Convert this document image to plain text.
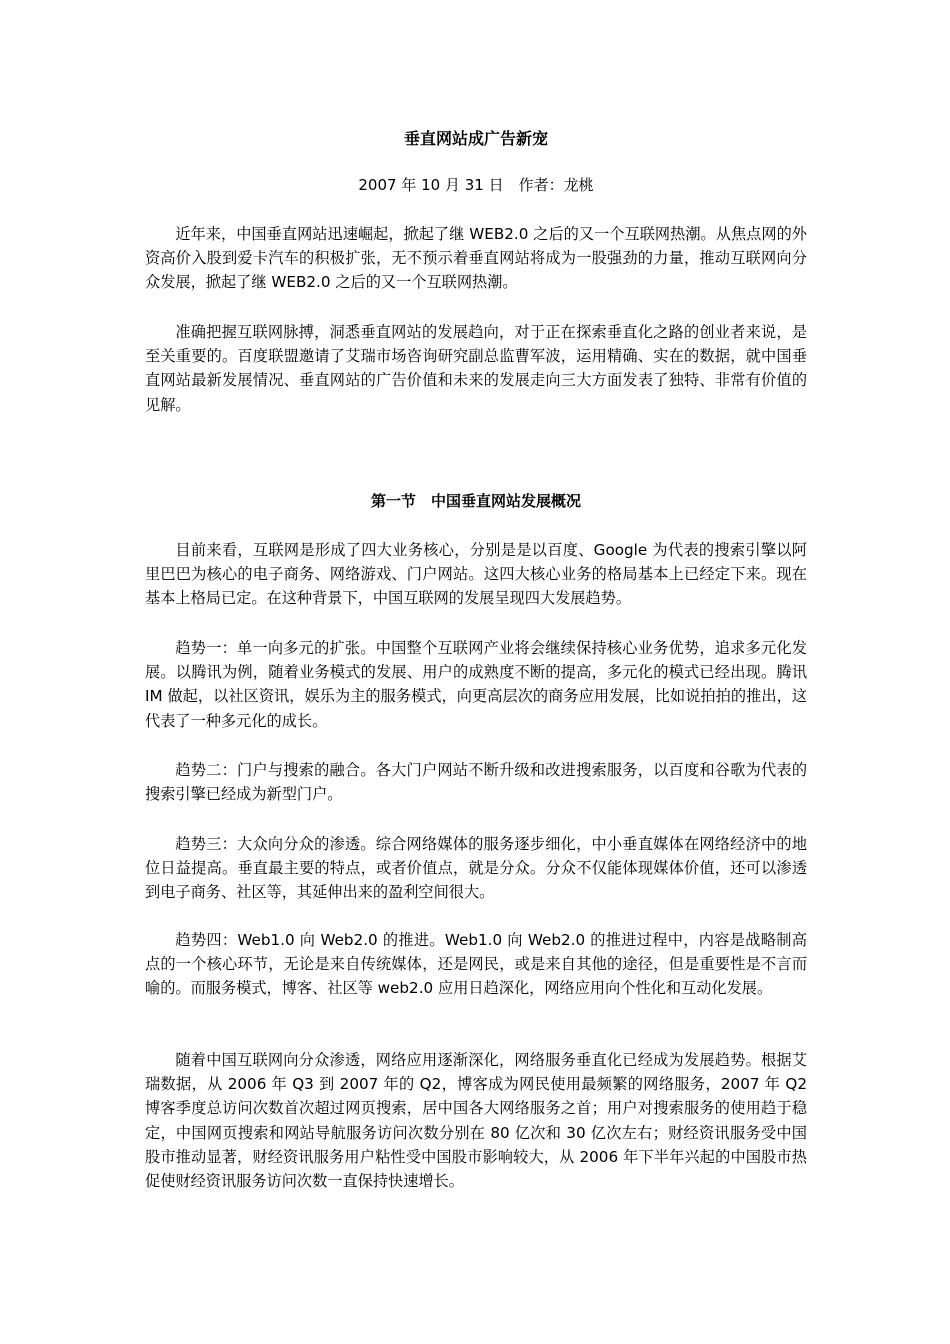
垂直网站成广告新宠
2007 年 10 月 31 日　作者：龙桃

近年来，中国垂直网站迅速崛起，掀起了继 WEB2.0 之后的又一个互联网热潮。从焦点网的外资高价入股到爱卡汽车的积极扩张，无不预示着垂直网站将成为一股强劲的力量，推动互联网向分众发展，掀起了继 WEB2.0 之后的又一个互联网热潮。

准确把握互联网脉搏，洞悉垂直网站的发展趋向，对于正在探索垂直化之路的创业者来说，是至关重要的。百度联盟邀请了艾瑞市场咨询研究副总监曹军波，运用精确、实在的数据，就中国垂直网站最新发展情况、垂直网站的广告价值和未来的发展走向三大方面发表了独特、非常有价值的见解。

第一节　中国垂直网站发展概况

目前来看，互联网是形成了四大业务核心，分别是是以百度、Google 为代表的搜索引擎以阿里巴巴为核心的电子商务、网络游戏、门户网站。这四大核心业务的格局基本上已经定下来。现在基本上格局已定。在这种背景下，中国互联网的发展呈现四大发展趋势。

趋势一：单一向多元的扩张。中国整个互联网产业将会继续保持核心业务优势，追求多元化发展。以腾讯为例，随着业务模式的发展、用户的成熟度不断的提高，多元化的模式已经出现。腾讯 IM 做起，以社区资讯，娱乐为主的服务模式，向更高层次的商务应用发展，比如说拍拍的推出，这代表了一种多元化的成长。

趋势二：门户与搜索的融合。各大门户网站不断升级和改进搜索服务，以百度和谷歌为代表的搜索引擎已经成为新型门户。

趋势三：大众向分众的渗透。综合网络媒体的服务逐步细化，中小垂直媒体在网络经济中的地位日益提高。垂直最主要的特点，或者价值点，就是分众。分众不仅能体现媒体价值，还可以渗透到电子商务、社区等，其延伸出来的盈利空间很大。

趋势四：Web1.0 向 Web2.0 的推进。Web1.0 向 Web2.0 的推进过程中，内容是战略制高点的一个核心环节，无论是来自传统媒体，还是网民，或是来自其他的途径，但是重要性是不言而喻的。而服务模式，博客、社区等 web2.0 应用日趋深化，网络应用向个性化和互动化发展。

随着中国互联网向分众渗透，网络应用逐渐深化，网络服务垂直化已经成为发展趋势。根据艾瑞数据，从 2006 年 Q3 到 2007 年的 Q2，博客成为网民使用最频繁的网络服务，2007 年 Q2 博客季度总访问次数首次超过网页搜索，居中国各大网络服务之首；用户对搜索服务的使用趋于稳定，中国网页搜索和网站导航服务访问次数分别在 80 亿次和 30 亿次左右；财经资讯服务受中国股市推动显著，财经资讯服务用户粘性受中国股市影响较大，从 2006 年下半年兴起的中国股市热促使财经资讯服务访问次数一直保持快速增长。
